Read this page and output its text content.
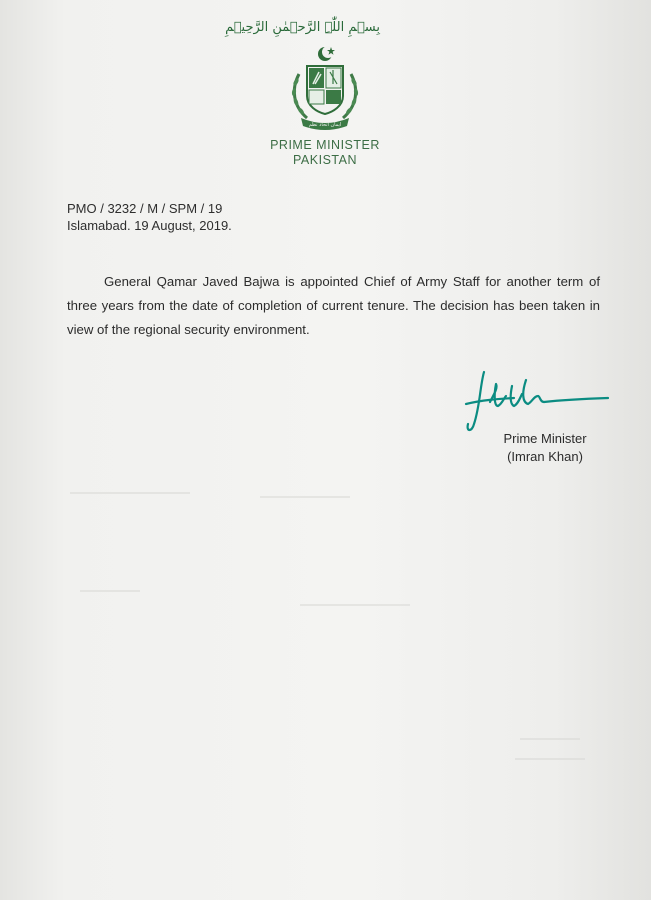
بِسۡمِ اللّٰہِ الرَّحۡمٰنِ الرَّحِیۡمِ
ایمان اتحاد نظم
PRIME MINISTER
PAKISTAN
PMO / 3232 / M / SPM / 19
Islamabad. 19 August, 2019.

General Qamar Javed Bajwa is appointed Chief of Army Staff for another term of three years from the date of completion of current tenure. The decision has been taken in view of the regional security environment.

Prime Minister
(Imran Khan)
